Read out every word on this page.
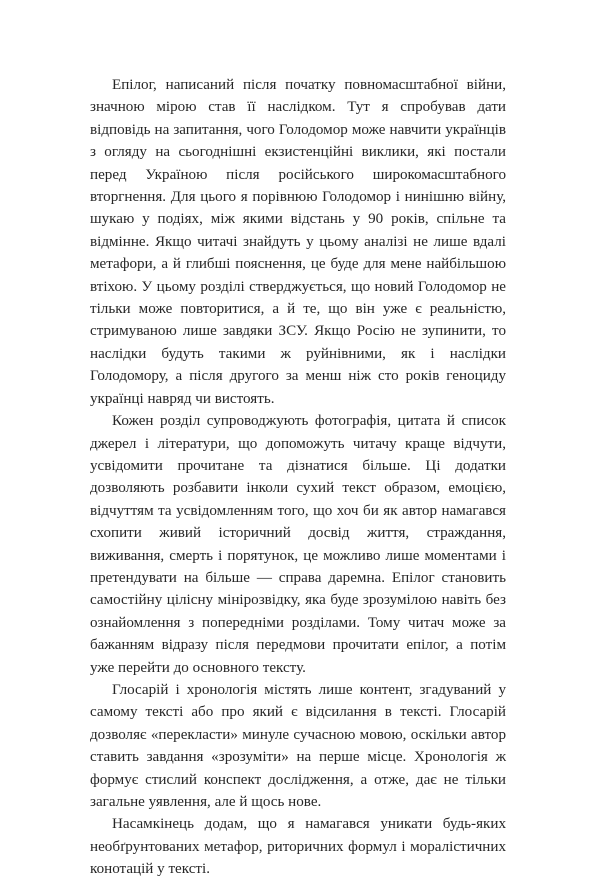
Епілог, написаний після початку повномасштабної війни, значною мірою став її наслідком. Тут я спробував дати відповідь на запитання, чого Голодомор може навчити українців з огляду на сьогоднішні екзистенційні виклики, які постали перед Україною після російського широкомасштабного вторгнення. Для цього я порівнюю Голодомор і нинішню війну, шукаю у подіях, між якими відстань у 90 років, спільне та відмінне. Якщо читачі знайдуть у цьому аналізі не лише вдалі метафори, а й глибші пояснення, це буде для мене найбільшою втіхою. У цьому розділі стверджується, що новий Голодомор не тільки може повторитися, а й те, що він уже є реальністю, стримуваною лише завдяки ЗСУ. Якщо Росію не зупинити, то наслідки будуть такими ж руйнівними, як і наслідки Голодомору, а після другого за менш ніж сто років геноциду українці навряд чи вистоять.

Кожен розділ супроводжують фотографія, цитата й список джерел і літератури, що допоможуть читачу краще відчути, усвідомити прочитане та дізнатися більше. Ці додатки дозволяють розбавити інколи сухий текст образом, емоцією, відчуттям та усвідомленням того, що хоч би як автор намагався схопити живий історичний досвід життя, страждання, виживання, смерть і порятунок, це можливо лише моментами і претендувати на більше — справа даремна. Епілог становить самостійну цілісну мінірозвідку, яка буде зрозумілою навіть без ознайомлення з попередніми розділами. Тому читач може за бажанням відразу після передмови прочитати епілог, а потім уже перейти до основного тексту.

Глосарій і хронологія містять лише контент, згадуваний у самому тексті або про який є відсилання в тексті. Глосарій дозволяє «перекласти» минуле сучасною мовою, оскільки автор ставить завдання «зрозуміти» на перше місце. Хронологія ж формує стислий конспект дослідження, а отже, дає не тільки загальне уявлення, але й щось нове.

Насамкінець додам, що я намагався уникати будь-яких необґрунтованих метафор, риторичних формул і моралістичних конотацій у тексті.
